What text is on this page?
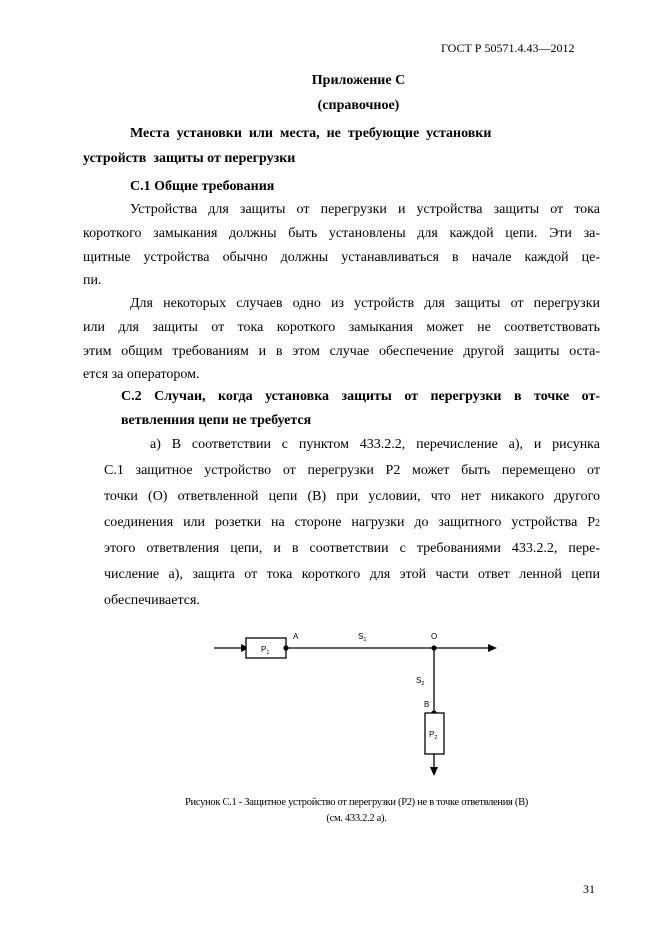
ГОСТ Р 50571.4.43—2012
Приложение С
(справочное)
Места  установки  или  места,  не  требующие  установки
устройств  защиты от перегрузки
С.1 Общие требования
Устройства для защиты от перегрузки и устройства защиты от тока
короткого замыкания должны быть установлены для каждой цепи. Эти за-
щитные устройства обычно должны устанавливаться в начале каждой це-
пи.
Для некоторых случаев одно из устройств для защиты от перегрузки
или для защиты от тока короткого замыкания может не соответствовать
этим общим требованиям и в этом случае обеспечение другой защиты оста-
ется за оператором.
С.2 Случаи, когда установка защиты от перегрузки в точке от-
ветвленния цепи не требуется
а) В соответствии с пунктом 433.2.2, перечисление а), и рисунка
С.1 защитное устройство от перегрузки Р2 может быть перемещено от
точки (О) ответвленной цепи (В) при условии, что нет никакого другого
соединения или розетки на стороне нагрузки до защитного устройства Р 2
этого ответвления цепи, и в соответствии с требованиями 433.2.2, пере-
числение а), защита от тока короткого для этой части ответ ленной цепи
обеспечивается.
$P_1$
A	$S_1$	O
$S_2$
B
$P_2$
Рисунок С.1 - Защитное устройство от перегрузки (Р2) не в точке ответвления (В)
(см. 433.2.2 а).
31
